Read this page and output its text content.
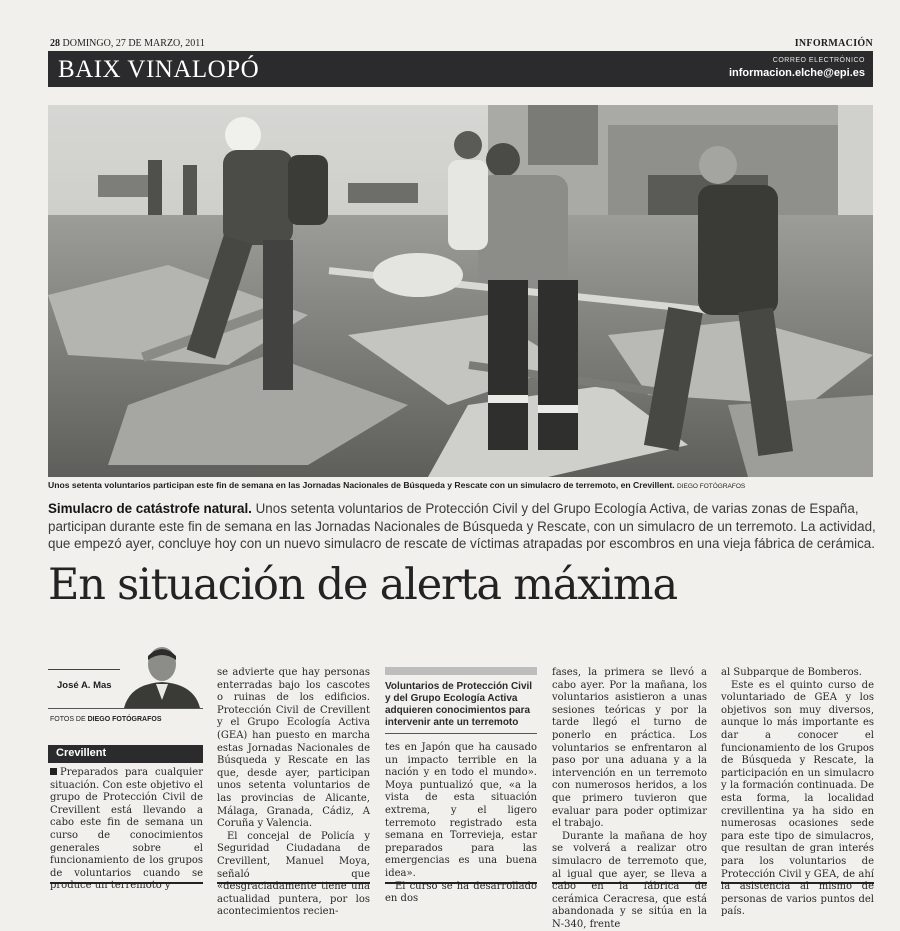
28 DOMINGO, 27 DE MARZO, 2011	INFORMACIÓN
BAIX VINALOPÓ	CORREO ELECTRÓNICO
informacion.elche@epi.es
Unos setenta voluntarios participan este fin de semana en las Jornadas Nacionales de Búsqueda y Rescate con un simulacro de terremoto, en Crevillent. DIEGO FOTÓGRAFOS
Simulacro de catástrofe natural. Unos setenta voluntarios de Protección Civil y del Grupo Ecología Activa, de varias zonas de España, participan durante este fin de semana en las Jornadas Nacionales de Búsqueda y Rescate, con un simulacro de un terremoto. La actividad, que empezó ayer, concluye hoy con un nuevo simulacro de rescate de víctimas atrapadas por escombros en una vieja fábrica de cerámica.
En situación de alerta máxima
José A. Mas
FOTOS DE DIEGO FOTÓGRAFOS
Crevillent

Preparados para cualquier situación. Con este objetivo el grupo de Protección Civil de Crevillent está llevando a cabo este fin de semana un curso de conocimientos generales sobre el funcionamiento de los grupos de voluntarios cuando se produce un terremoto y

se advierte que hay personas enterradas bajo los cascotes o ruinas de los edificios. Protección Civil de Crevillent y el Grupo Ecología Activa (GEA) han puesto en marcha estas Jornadas Nacionales de Búsqueda y Rescate en las que, desde ayer, participan unos setenta voluntarios de las provincias de Alicante, Málaga, Granada, Cádiz, A Coruña y Valencia.

El concejal de Policía y Seguridad Ciudadana de Crevillent, Manuel Moya, señaló que «desgraciadamente tiene una actualidad puntera, por los acontecimientos recien-

Voluntarios de Protección Civil y del Grupo Ecología Activa adquieren conocimientos para intervenir ante un terremoto

tes en Japón que ha causado un impacto terrible en la nación y en todo el mundo». Moya puntualizó que, «a la vista de esta situación extrema, y el ligero terremoto registrado esta semana en Torrevieja, estar preparados para las emergencias es una buena idea».

El curso se ha desarrollado en dos

fases, la primera se llevó a cabo ayer. Por la mañana, los voluntarios asistieron a unas sesiones teóricas y por la tarde llegó el turno de ponerlo en práctica. Los voluntarios se enfrentaron al paso por una aduana y a la intervención en un terremoto con numerosos heridos, a los que primero tuvieron que evaluar para poder optimizar el trabajo.

Durante la mañana de hoy se volverá a realizar otro simulacro de terremoto que, al igual que ayer, se lleva a cabo en la fábrica de cerámica Ceracresa, que está abandonada y se sitúa en la N-340, frente

al Subparque de Bomberos.

Este es el quinto curso de voluntariado de GEA y los objetivos son muy diversos, aunque lo más importante es dar a conocer el funcionamiento de los Grupos de Búsqueda y Rescate, la participación en un simulacro y la formación continuada. De esta forma, la localidad crevillentina ya ha sido en numerosas ocasiones sede para este tipo de simulacros, que resultan de gran interés para los voluntarios de Protección Civil y GEA, de ahí la asistencia al mismo de personas de varios puntos del país.
